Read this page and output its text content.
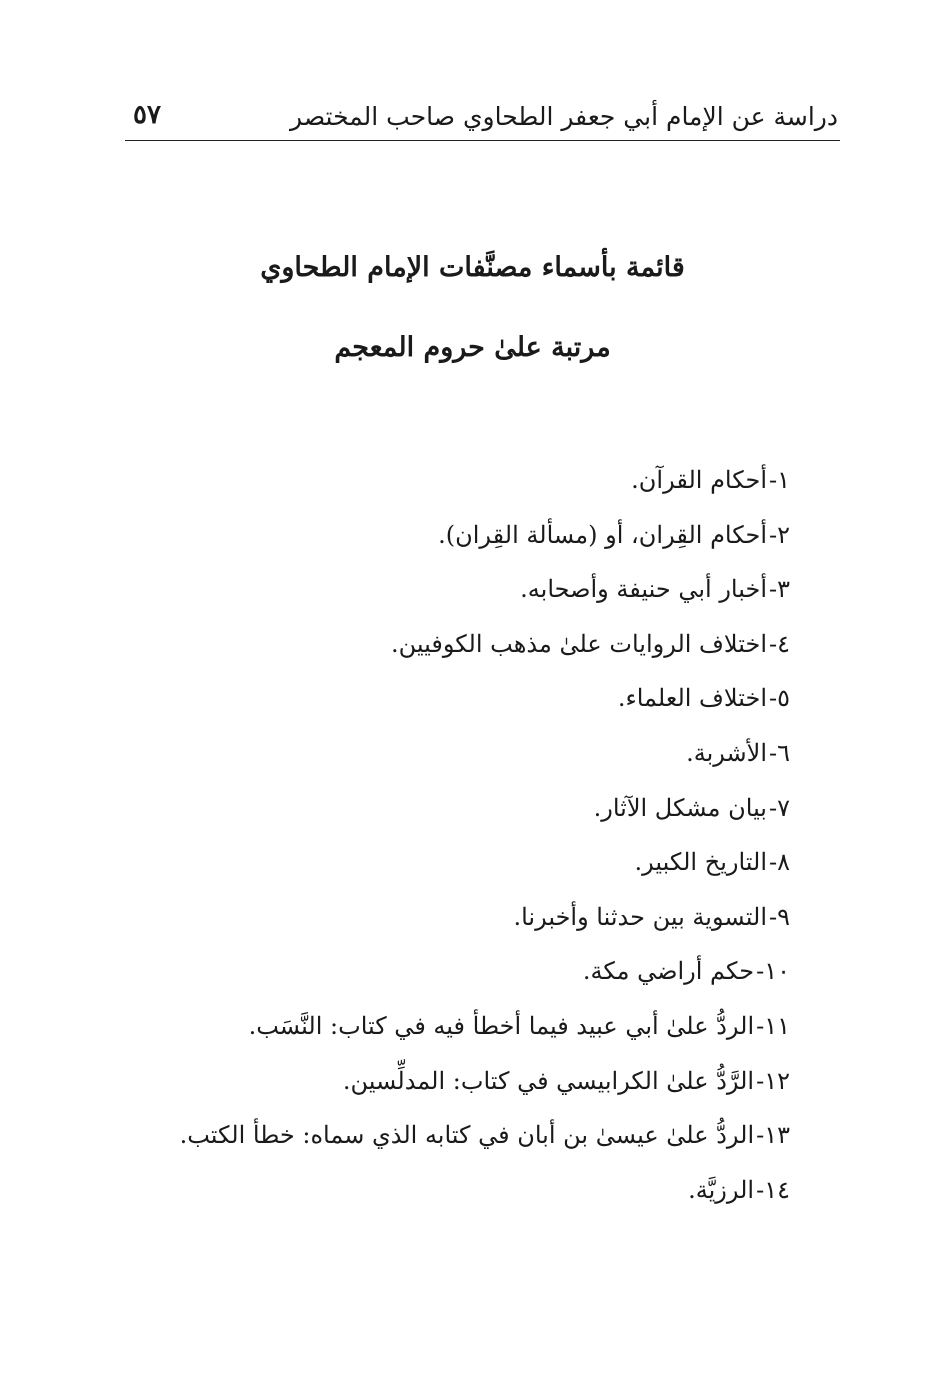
دراسة عن الإمام أبي جعفر الطحاوي صاحب المختصر
٥٧
قائمة بأسماء مصنَّفات الإمام الطحاوي
مرتبة علىٰ حروم المعجم
١-أحكام القرآن.
٢-أحكام القِران، أو (مسألة القِران).
٣-أخبار أبي حنيفة وأصحابه.
٤-اختلاف الروايات علىٰ مذهب الكوفيين.
٥-اختلاف العلماء.
٦-الأشربة.
٧-بيان مشكل الآثار.
٨-التاريخ الكبير.
٩-التسوية بين حدثنا وأخبرنا.
١٠-حكم أراضي مكة.
١١-الردُّ علىٰ أبي عبيد فيما أخطأ فيه في كتاب: النَّسَب.
١٢-الرَّدُّ علىٰ الكرابيسي في كتاب: المدلِّسين.
١٣-الردُّ علىٰ عيسىٰ بن أبان في كتابه الذي سماه: خطأ الكتب.
١٤-الرزيَّة.
